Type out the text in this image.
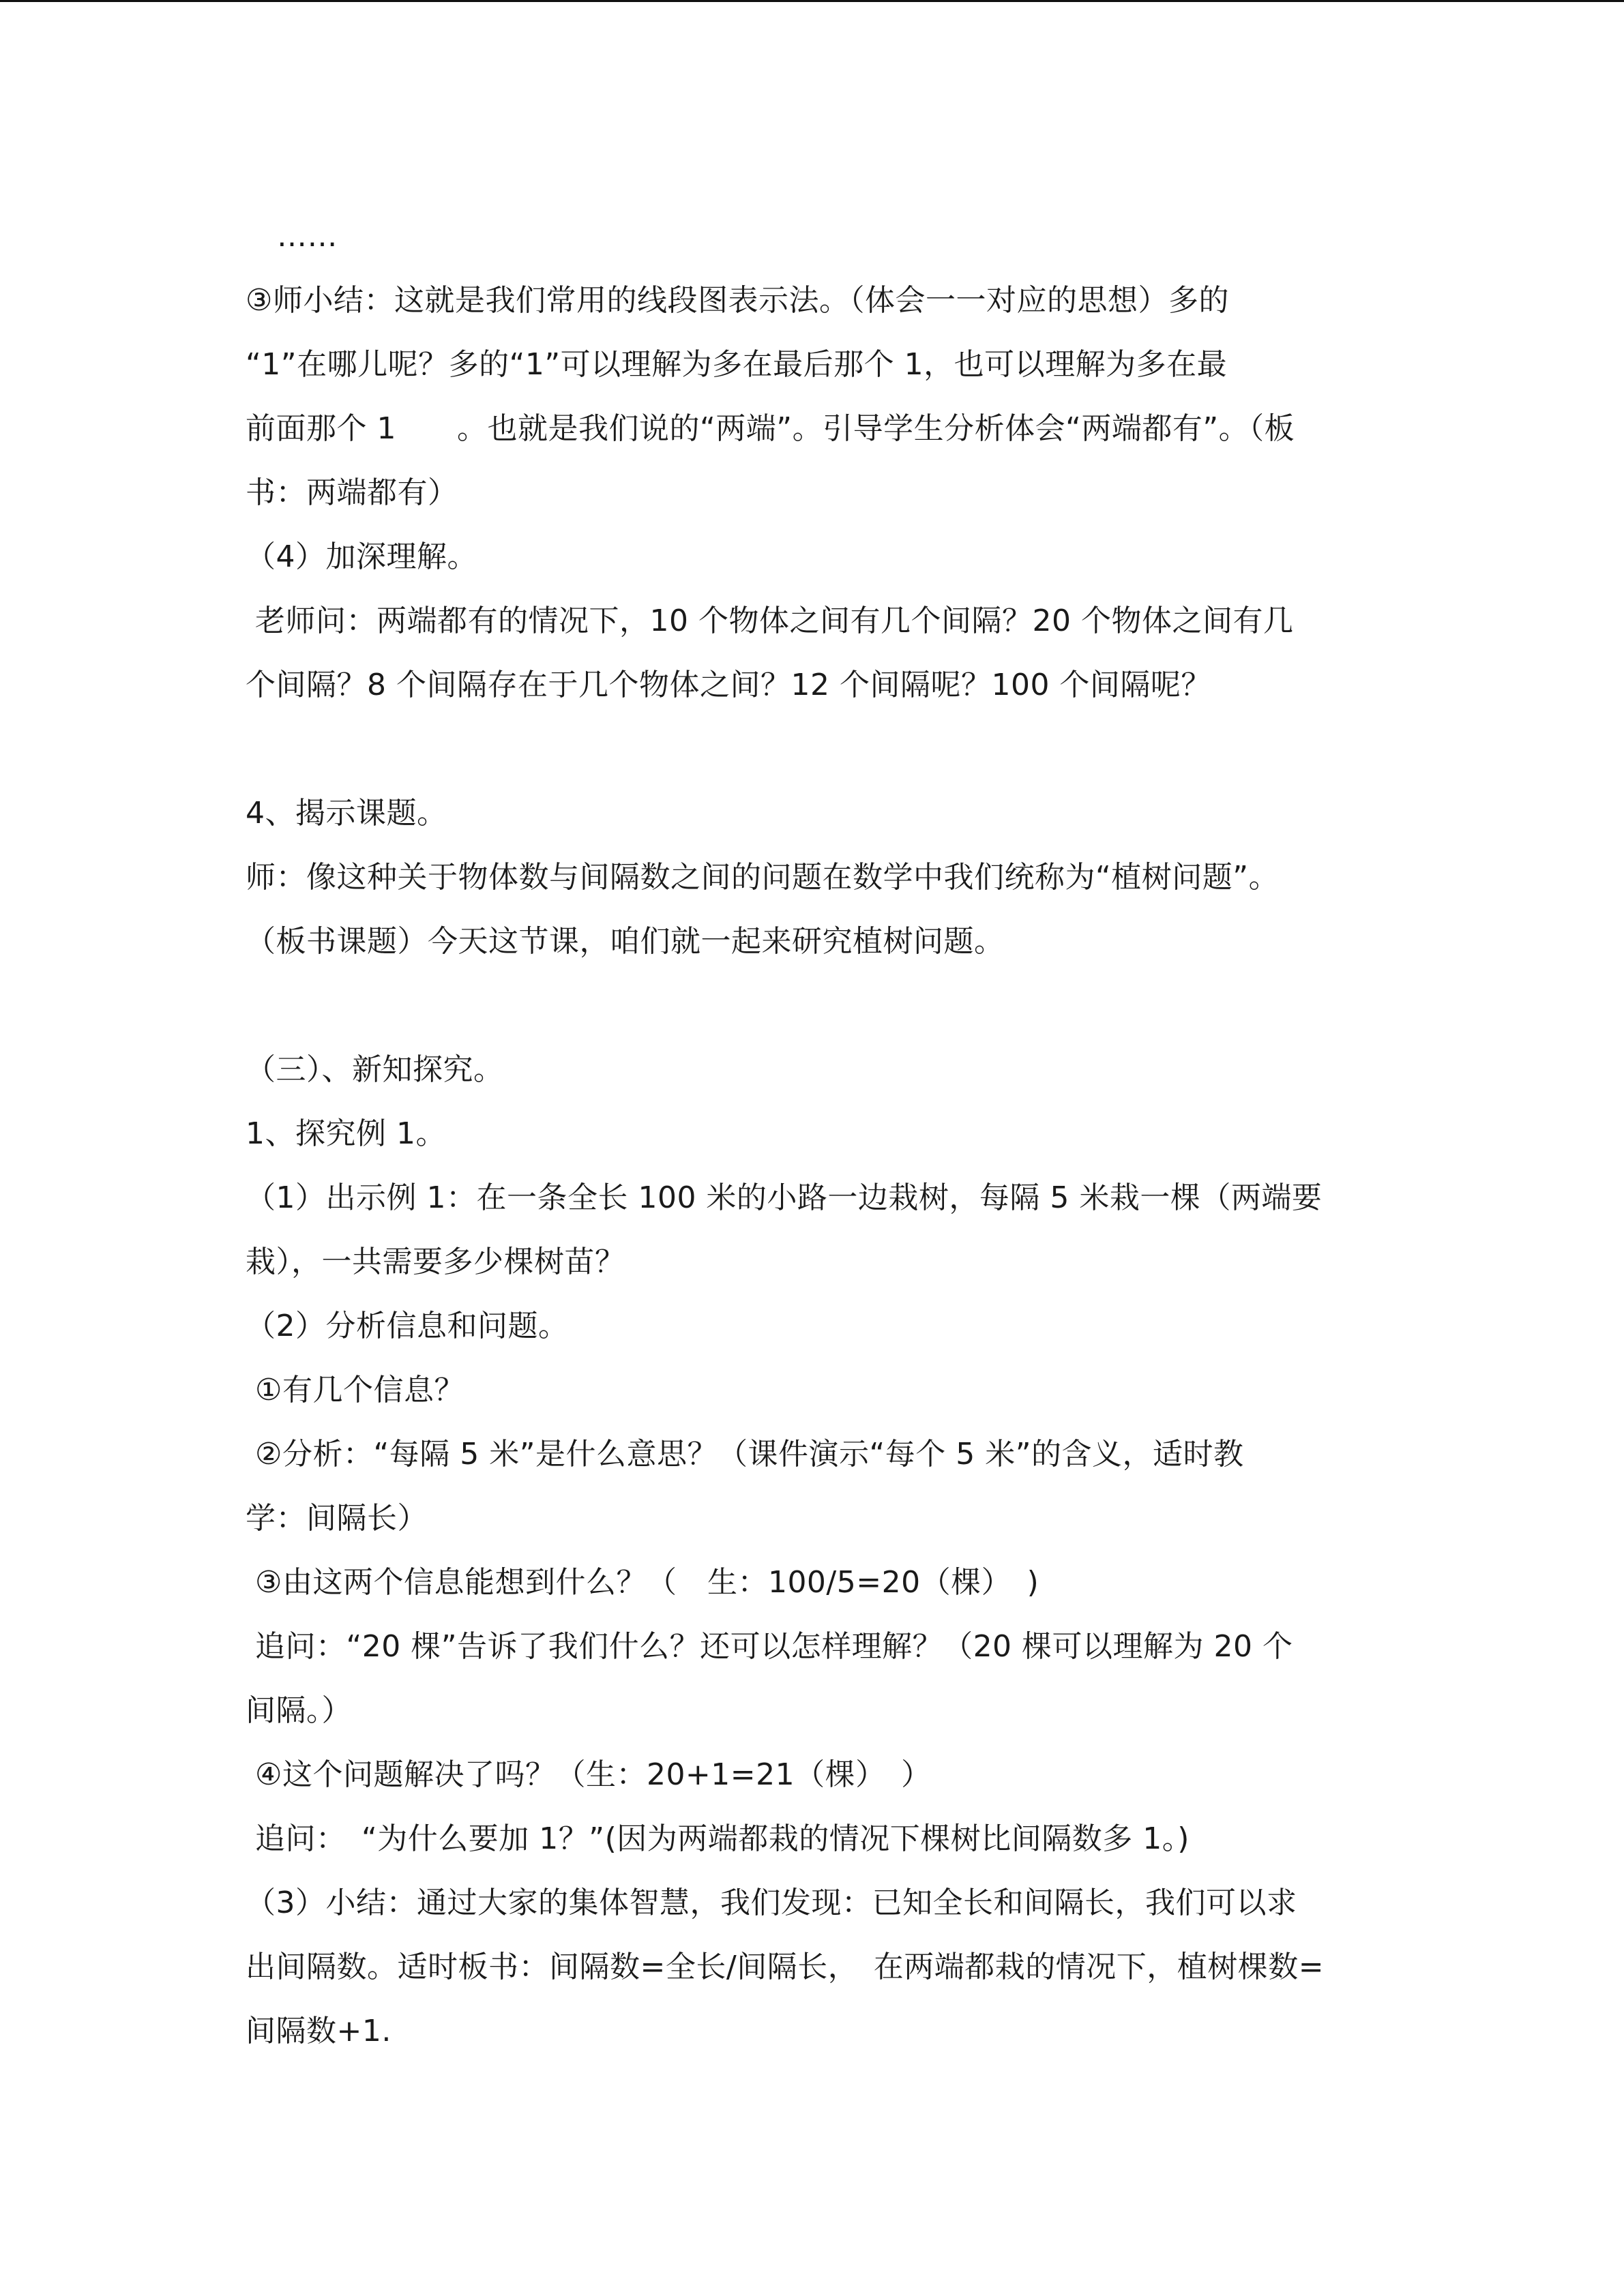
……
③师小结：这就是我们常用的线段图表示法。（体会一一对应的思想）多的
“1”在哪儿呢？多的“1”可以理解为多在最后那个 1，也可以理解为多在最
前面那个 1　　。也就是我们说的“两端”。引导学生分析体会“两端都有”。（板
书：两端都有）
（4）加深理解。
老师问：两端都有的情况下，10 个物体之间有几个间隔？20 个物体之间有几
个间隔？8 个间隔存在于几个物体之间？12 个间隔呢？100 个间隔呢？
4、揭示课题。
师：像这种关于物体数与间隔数之间的问题在数学中我们统称为“植树问题”。
（板书课题）今天这节课，咱们就一起来研究植树问题。
（三）、新知探究。
1、探究例 1。
（1）出示例 1：在一条全长 100 米的小路一边栽树，每隔 5 米栽一棵（两端要
栽），一共需要多少棵树苗？
（2）分析信息和问题。
①有几个信息？
②分析：“每隔 5 米”是什么意思？（课件演示“每个 5 米”的含义，适时教
学：间隔长）
③由这两个信息能想到什么？（　生：100/5=20（棵）　)
追问：“20 棵”告诉了我们什么？还可以怎样理解？（20 棵可以理解为 20 个
间隔。）
④这个问题解决了吗？（生：20+1=21（棵）　）
追问：　“为什么要加 1？”(因为两端都栽的情况下棵树比间隔数多 1。)
（3）小结：通过大家的集体智慧，我们发现：已知全长和间隔长，我们可以求
出间隔数。适时板书：间隔数=全长/间隔长，　在两端都栽的情况下，植树棵数=
间隔数+1.
